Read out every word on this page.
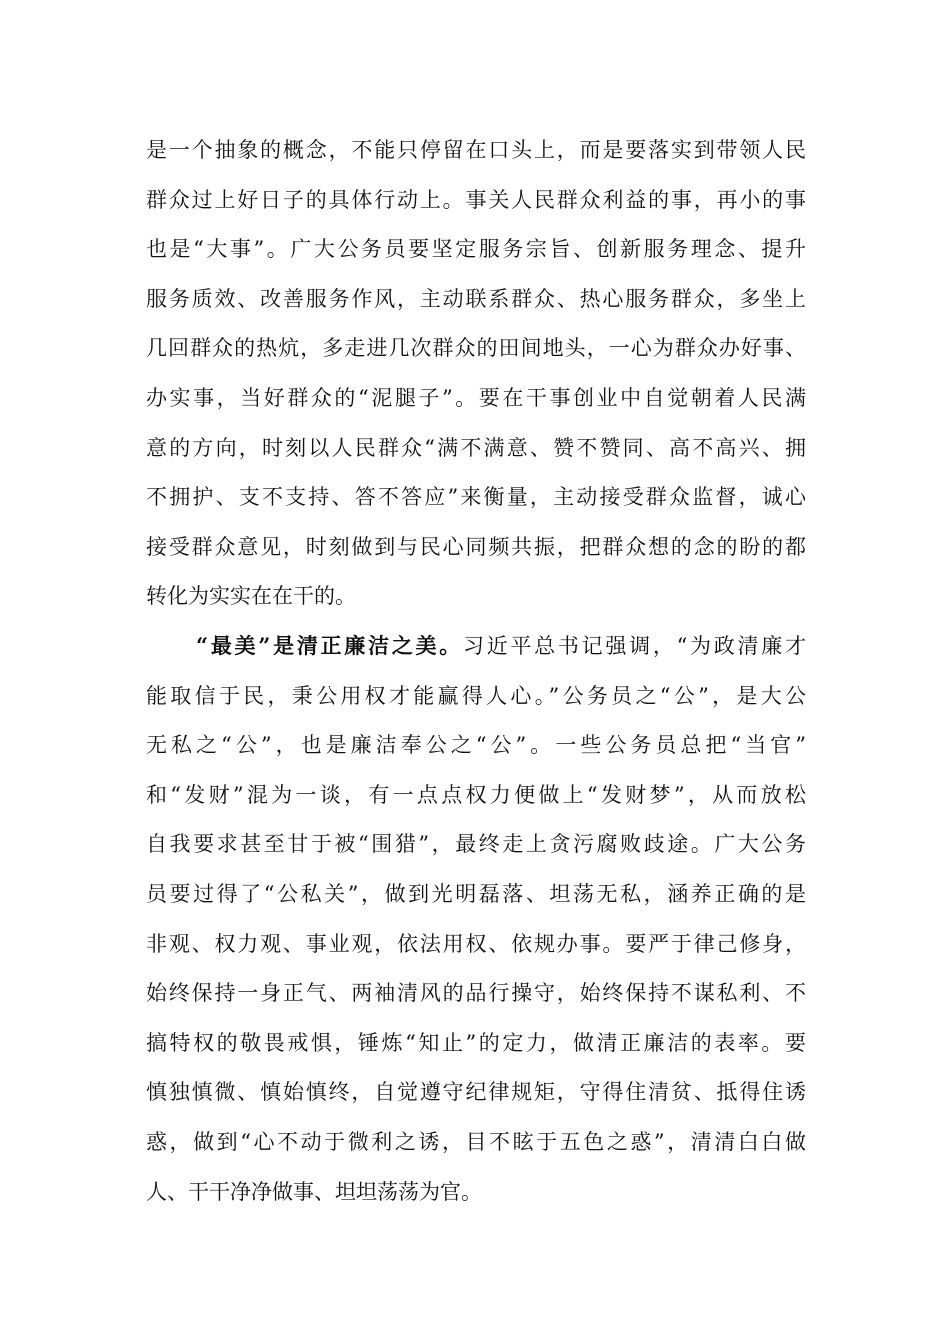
是一个抽象的概念，不能只停留在口头上，而是要落实到带领人民
群众过上好日子的具体行动上。事关人民群众利益的事，再小的事
也是“大事”。广大公务员要坚定服务宗旨、创新服务理念、提升
服务质效、改善服务作风，主动联系群众、热心服务群众，多坐上
几回群众的热炕，多走进几次群众的田间地头，一心为群众办好事、
办实事，当好群众的“泥腿子”。要在干事创业中自觉朝着人民满
意的方向，时刻以人民群众“满不满意、赞不赞同、高不高兴、拥
不拥护、支不支持、答不答应”来衡量，主动接受群众监督，诚心
接受群众意见，时刻做到与民心同频共振，把群众想的念的盼的都
转化为实实在在干的。
“最美”是清正廉洁之美。习近平总书记强调，“为政清廉才
能取信于民，秉公用权才能赢得人心。”公务员之“公”，是大公
无私之“公”，也是廉洁奉公之“公”。一些公务员总把“当官”
和“发财”混为一谈，有一点点权力便做上“发财梦”，从而放松
自我要求甚至甘于被“围猎”，最终走上贪污腐败歧途。广大公务
员要过得了“公私关”，做到光明磊落、坦荡无私，涵养正确的是
非观、权力观、事业观，依法用权、依规办事。要严于律己修身，
始终保持一身正气、两袖清风的品行操守，始终保持不谋私利、不
搞特权的敬畏戒惧，锤炼“知止”的定力，做清正廉洁的表率。要
慎独慎微、慎始慎终，自觉遵守纪律规矩，守得住清贫、抵得住诱
惑，做到“心不动于微利之诱，目不眩于五色之惑”，清清白白做
人、干干净净做事、坦坦荡荡为官。
